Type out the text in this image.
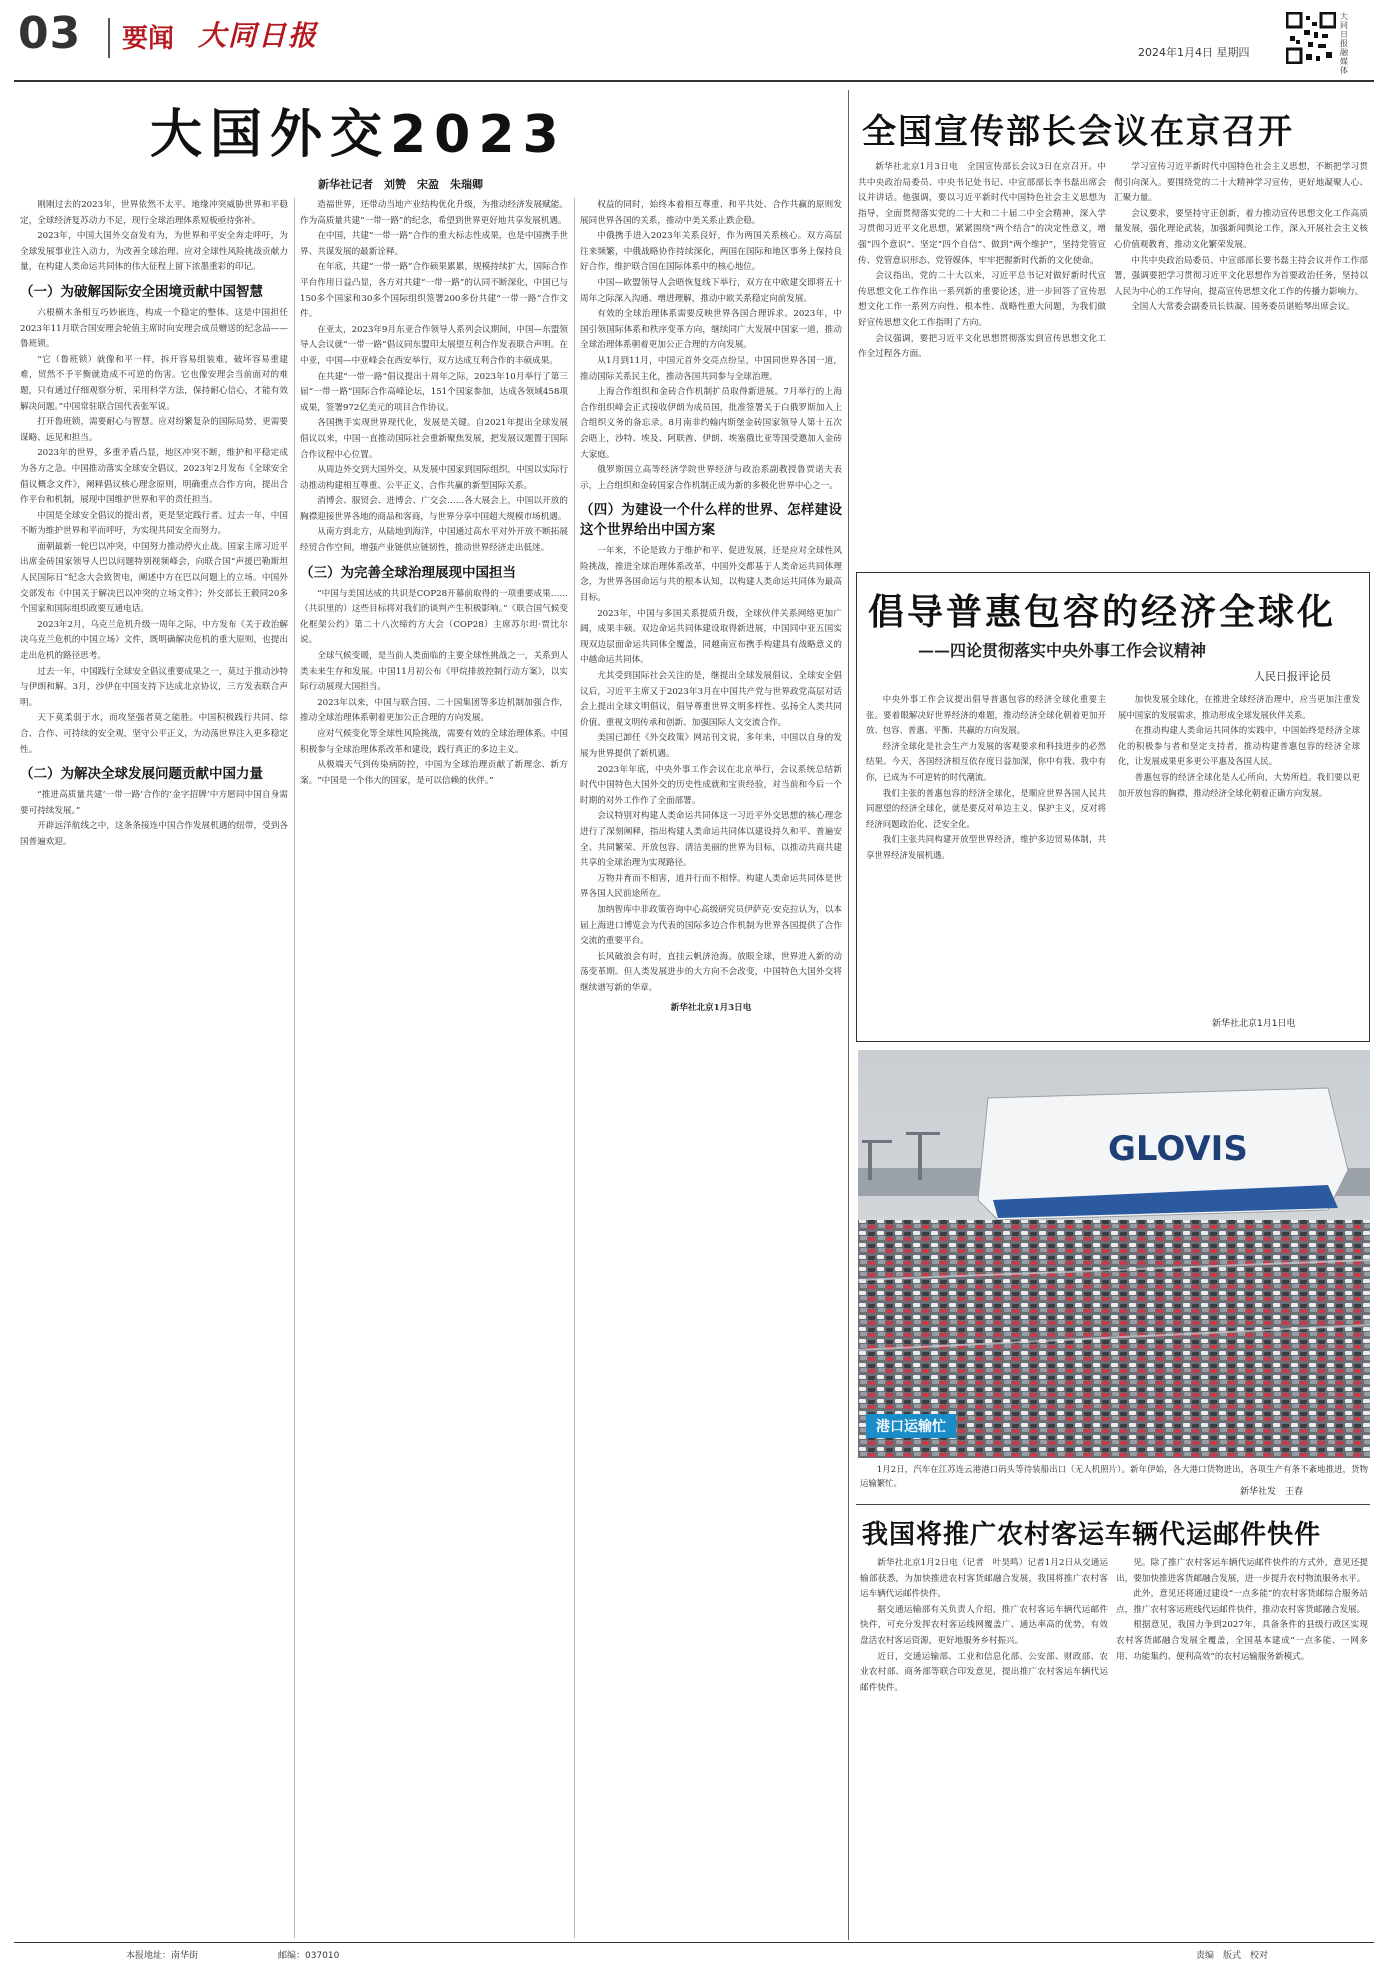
03 要闻 大同日报
2024年1月4日 星期四
大同日报融媒体
大国外交2023
新华社记者　刘赞　宋盈　朱瑞卿

刚刚过去的2023年，世界依然不太平。地缘冲突威胁世界和平稳定，全球经济复苏动力不足，现行全球治理体系短板亟待弥补。

2023年，中国大国外交奋发有为，为世界和平安全奔走呼吁，为全球发展事业注入动力，为改善全球治理、应对全球性风险挑战贡献力量，在构建人类命运共同体的伟大征程上留下浓墨重彩的印记。

（一）为破解国际安全困境贡献中国智慧

六根横木条相互巧妙嵌连，构成一个稳定的整体。这是中国担任2023年11月联合国安理会轮值主席时向安理会成员赠送的纪念品——鲁班锁。

“它（鲁班锁）就像和平一样，拆开容易组装难，破坏容易重建难，贸然不予平衡就造成不可逆的伤害。它也像安理会当前面对的难题，只有通过仔细观察分析，采用科学方法，保持耐心信心，才能有效解决问题。”中国常驻联合国代表张军说。

打开鲁班锁，需要耐心与智慧。应对纷繁复杂的国际局势，更需要谋略、远见和担当。

2023年的世界，多重矛盾凸显，地区冲突不断，维护和平稳定成为各方之急。中国推动落实全球安全倡议，2023年2月发布《全球安全倡议概念文件》，阐释倡议核心理念原则，明确重点合作方向，提出合作平台和机制，展现中国维护世界和平的责任担当。

中国是全球安全倡议的提出者，更是坚定践行者。过去一年，中国不断为维护世界和平而呼吁，为实现共同安全而努力。

面朝最新一轮巴以冲突，中国努力推动停火止战。国家主席习近平出席金砖国家领导人巴以问题特别视频峰会，向联合国“声援巴勒斯坦人民国际日”纪念大会致贺电，阐述中方在巴以问题上的立场。中国外交部发布《中国关于解决巴以冲突的立场文件》；外交部长王毅同20多个国家和国际组织政要互通电话。

2023年2月，乌克兰危机升级一周年之际，中方发布《关于政治解决乌克兰危机的中国立场》文件，既明确解决危机的重大原则，也提出走出危机的路径思考。

过去一年，中国践行全球安全倡议重要成果之一，莫过于推动沙特与伊朗和解。3月，沙伊在中国支持下达成北京协议，三方发表联合声明。

天下莫柔弱于水，而攻坚强者莫之能胜。中国积极践行共同、综合、合作、可持续的安全观，坚守公平正义，为动荡世界注入更多稳定性。

（二）为解决全球发展问题贡献中国力量

“推进高质量共建‘一带一路’合作的‘金字招牌’中方愿同中国自身需要可持续发展。”

开辟远洋航线之中，这条条接连中国合作发展机遇的纽带，受到各国普遍欢迎。

造福世界，还带动当地产业结构优化升级，为推动经济发展赋能。作为高质量共建“一带一路”的纪念，希望到世界更好地共享发展机遇。

在中国，共建“一带一路”合作的重大标志性成果，也是中国携手世界、共谋发展的最新诠释。

在年底，共建“一带一路”合作硕果累累，规模持续扩大，国际合作平台作用日益凸显，各方对共建“一带一路”的认同不断深化，中国已与150多个国家和30多个国际组织签署200多份共建“一带一路”合作文件。

在亚太，2023年9月东亚合作领导人系列会议期间，中国—东盟领导人会议就“一带一路”倡议同东盟印太展望互利合作发表联合声明。在中亚，中国—中亚峰会在西安举行，双方达成互利合作的丰硕成果。

在共建“一带一路”倡议提出十周年之际，2023年10月举行了第三届“一带一路”国际合作高峰论坛，151个国家参加，达成各领域458项成果，签署972亿美元的项目合作协议。

各国携手实现世界现代化，发展是关键。自2021年提出全球发展倡议以来，中国一直推动国际社会重新聚焦发展，把发展议题置于国际合作议程中心位置。

从周边外交到大国外交，从发展中国家到国际组织，中国以实际行动推动构建相互尊重、公平正义、合作共赢的新型国际关系。

消博会、服贸会、进博会、广交会……各大展会上，中国以开放的胸襟迎接世界各地的商品和客商，与世界分享中国超大规模市场机遇。

从南方到北方，从陆地到海洋，中国通过高水平对外开放不断拓展经贸合作空间，增强产业链供应链韧性，推动世界经济走出低迷。

（三）为完善全球治理展现中国担当

“中国与美国达成的共识是COP28开幕前取得的一项重要成果……（共识里的）这些目标将对我们的谈判产生积极影响。”《联合国气候变化框架公约》第二十八次缔约方大会（COP28）主席苏尔坦·贾比尔说。

全球气候变暖，是当前人类面临的主要全球性挑战之一，关系到人类未来生存和发展。中国11月初公布《甲烷排放控制行动方案》，以实际行动展现大国担当。

2023年以来，中国与联合国、二十国集团等多边机制加强合作，推动全球治理体系朝着更加公正合理的方向发展。

应对气候变化等全球性风险挑战，需要有效的全球治理体系。中国积极参与全球治理体系改革和建设，践行真正的多边主义。

从极端天气到传染病防控，中国为全球治理贡献了新理念、新方案。“中国是一个伟大的国家，是可以信赖的伙伴。”

权益的同时，始终本着相互尊重、和平共处、合作共赢的原则发展同世界各国的关系，推动中美关系止跌企稳。

中俄携手进入2023年关系良好，作为两国关系核心。双方高层往来频繁，中俄战略协作持续深化，两国在国际和地区事务上保持良好合作，维护联合国在国际体系中的核心地位。

中国—欧盟领导人会晤恢复线下举行，双方在中欧建交即将五十周年之际深入沟通、增进理解，推动中欧关系稳定向前发展。

有效的全球治理体系需要反映世界各国合理诉求。2023年，中国引领国际体系和秩序变革方向，继续同广大发展中国家一道，推动全球治理体系朝着更加公正合理的方向发展。

从1月到11月，中国元首外交亮点纷呈，中国同世界各国一道，推动国际关系民主化，推动各国共同参与全球治理。

上海合作组织和金砖合作机制扩员取得新进展。7月举行的上海合作组织峰会正式接收伊朗为成员国，批准签署关于白俄罗斯加入上合组织义务的备忘录。8月南非约翰内斯堡金砖国家领导人第十五次会晤上，沙特、埃及、阿联酋、伊朗、埃塞俄比亚等国受邀加入金砖大家庭。

俄罗斯国立高等经济学院世界经济与政治系副教授鲁贾诺夫表示，上合组织和金砖国家合作机制正成为新的多极化世界中心之一。

（四）为建设一个什么样的世界、怎样建设这个世界给出中国方案

一年来，不论是致力于维护和平、促进发展，还是应对全球性风险挑战，推进全球治理体系改革，中国外交都基于人类命运共同体理念，为世界各国命运与共的根本认知，以构建人类命运共同体为最高目标。

2023年，中国与多国关系提质升级，全球伙伴关系网络更加广阔，成果丰硕。双边命运共同体建设取得新进展，中国同中亚五国实现双边层面命运共同体全覆盖，同越南宣布携手构建具有战略意义的中越命运共同体。

尤其受到国际社会关注的是，继提出全球发展倡议、全球安全倡议后，习近平主席又于2023年3月在中国共产党与世界政党高层对话会上提出全球文明倡议，倡导尊重世界文明多样性、弘扬全人类共同价值、重视文明传承和创新、加强国际人文交流合作。

美国已卸任《外交政策》网站刊文说，多年来，中国以自身的发展为世界提供了新机遇。

2023年年底，中央外事工作会议在北京举行，会议系统总结新时代中国特色大国外交的历史性成就和宝贵经验，对当前和今后一个时期的对外工作作了全面部署。

会议特别对构建人类命运共同体这一习近平外交思想的核心理念进行了深刻阐释，指出构建人类命运共同体以建设持久和平、普遍安全、共同繁荣、开放包容、清洁美丽的世界为目标，以推动共商共建共享的全球治理为实现路径。

万物并育而不相害，道并行而不相悖。构建人类命运共同体是世界各国人民前途所在。

加纳智库中非政策咨询中心高级研究员伊萨克·安克拉认为，以本届上海进口博览会为代表的国际多边合作机制为世界各国提供了合作交流的重要平台。

长风破浪会有时，直挂云帆济沧海。放眼全球，世界进入新的动荡变革期。但人类发展进步的大方向不会改变，中国特色大国外交将继续谱写新的华章。

新华社北京1月3日电
全国宣传部长会议在京召开

新华社北京1月3日电　全国宣传部长会议3日在京召开。中共中央政治局委员、中央书记处书记、中宣部部长李书磊出席会议并讲话。他强调，要以习近平新时代中国特色社会主义思想为指导，全面贯彻落实党的二十大和二十届二中全会精神，深入学习贯彻习近平文化思想，紧紧围绕“两个结合”的决定性意义，增强“四个意识”、坚定“四个自信”、做到“两个维护”，坚持党管宣传、党管意识形态、党管媒体，牢牢把握新时代新的文化使命。

会议指出，党的二十大以来，习近平总书记对做好新时代宣传思想文化工作作出一系列新的重要论述，进一步回答了宣传思想文化工作一系列方向性、根本性、战略性重大问题，为我们做好宣传思想文化工作指明了方向。

会议强调，要把习近平文化思想贯彻落实到宣传思想文化工作全过程各方面。

学习宣传习近平新时代中国特色社会主义思想，不断把学习贯彻引向深入。要围绕党的二十大精神学习宣传，更好地凝聚人心、汇聚力量。

会议要求，要坚持守正创新，着力推动宣传思想文化工作高质量发展，强化理论武装，加强新闻舆论工作，深入开展社会主义核心价值观教育，推动文化繁荣发展。

中共中央政治局委员、中宣部部长要书磊主持会议并作工作部署，强调要把学习贯彻习近平文化思想作为首要政治任务，坚持以人民为中心的工作导向，提高宣传思想文化工作的传播力影响力。

全国人大常委会副委员长铁凝、国务委员谌贻琴出席会议。

倡导普惠包容的经济全球化
——四论贯彻落实中央外事工作会议精神
人民日报评论员

中央外事工作会议提出倡导普惠包容的经济全球化重要主张。要着眼解决好世界经济的难题，推动经济全球化朝着更加开放、包容、普惠、平衡、共赢的方向发展。

经济全球化是社会生产力发展的客观要求和科技进步的必然结果。今天，各国经济相互依存度日益加深，你中有我、我中有你，已成为不可逆转的时代潮流。

我们主张的普惠包容的经济全球化，是顺应世界各国人民共同愿望的经济全球化，就是要反对单边主义、保护主义，反对将经济问题政治化、泛安全化。

我们主张共同构建开放型世界经济，维护多边贸易体制，共享世界经济发展机遇。

加快发展全球化，在推进全球经济治理中，应当更加注重发展中国家的发展需求，推动形成全球发展伙伴关系。

在推动构建人类命运共同体的实践中，中国始终是经济全球化的积极参与者和坚定支持者，推动构建普惠包容的经济全球化，让发展成果更多更公平惠及各国人民。

普惠包容的经济全球化是人心所向，大势所趋。我们要以更加开放包容的胸襟，推动经济全球化朝着正确方向发展。

新华社北京1月1日电
GLOVIS
港口运输忙

1月2日，汽车在江苏连云港港口码头等待装船出口（无人机照片）。新年伊始，各大港口货物进出，各项生产有条不紊地推进，货物运输繁忙。

新华社发　王春
我国将推广农村客运车辆代运邮件快件

新华社北京1月2日电（记者　叶昊鸣）记者1月2日从交通运输部获悉，为加快推进农村客货邮融合发展，我国将推广农村客运车辆代运邮件快件。

据交通运输部有关负责人介绍，推广农村客运车辆代运邮件快件，可充分发挥农村客运线网覆盖广、通达率高的优势，有效盘活农村客运资源，更好地服务乡村振兴。

近日，交通运输部、工业和信息化部、公安部、财政部、农业农村部、商务部等联合印发意见，提出推广农村客运车辆代运邮件快件。

见。除了推广农村客运车辆代运邮件快件的方式外，意见还提出，要加快推进客货邮融合发展，进一步提升农村物流服务水平。

此外，意见还将通过建设“一点多能”的农村客货邮综合服务站点，推广农村客运班线代运邮件快件，推动农村客货邮融合发展。

根据意见，我国力争到2027年，具备条件的县级行政区实现农村客货邮融合发展全覆盖，全国基本建成“一点多能、一网多用、功能集约、便利高效”的农村运输服务新模式。

本报地址：南华街	邮编：037010	责编　版式　校对
